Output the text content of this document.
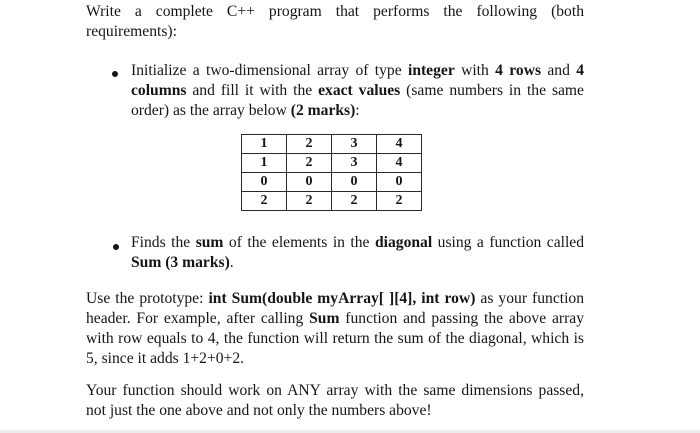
Write a complete C++ program that performs the following (both requirements):

Initialize a two-dimensional array of type integer with 4 rows and 4 columns and fill it with the exact values (same numbers in the same order) as the array below (2 marks):

1	2	3	4
1	2	3	4
0	0	0	0
2	2	2	2

Finds the sum of the elements in the diagonal using a function called Sum (3 marks).

Use the prototype: int Sum(double myArray[ ][4], int row) as your function header. For example, after calling Sum function and passing the above array with row equals to 4, the function will return the sum of the diagonal, which is 5, since it adds 1+2+0+2.

Your function should work on ANY array with the same dimensions passed, not just the one above and not only the numbers above!
